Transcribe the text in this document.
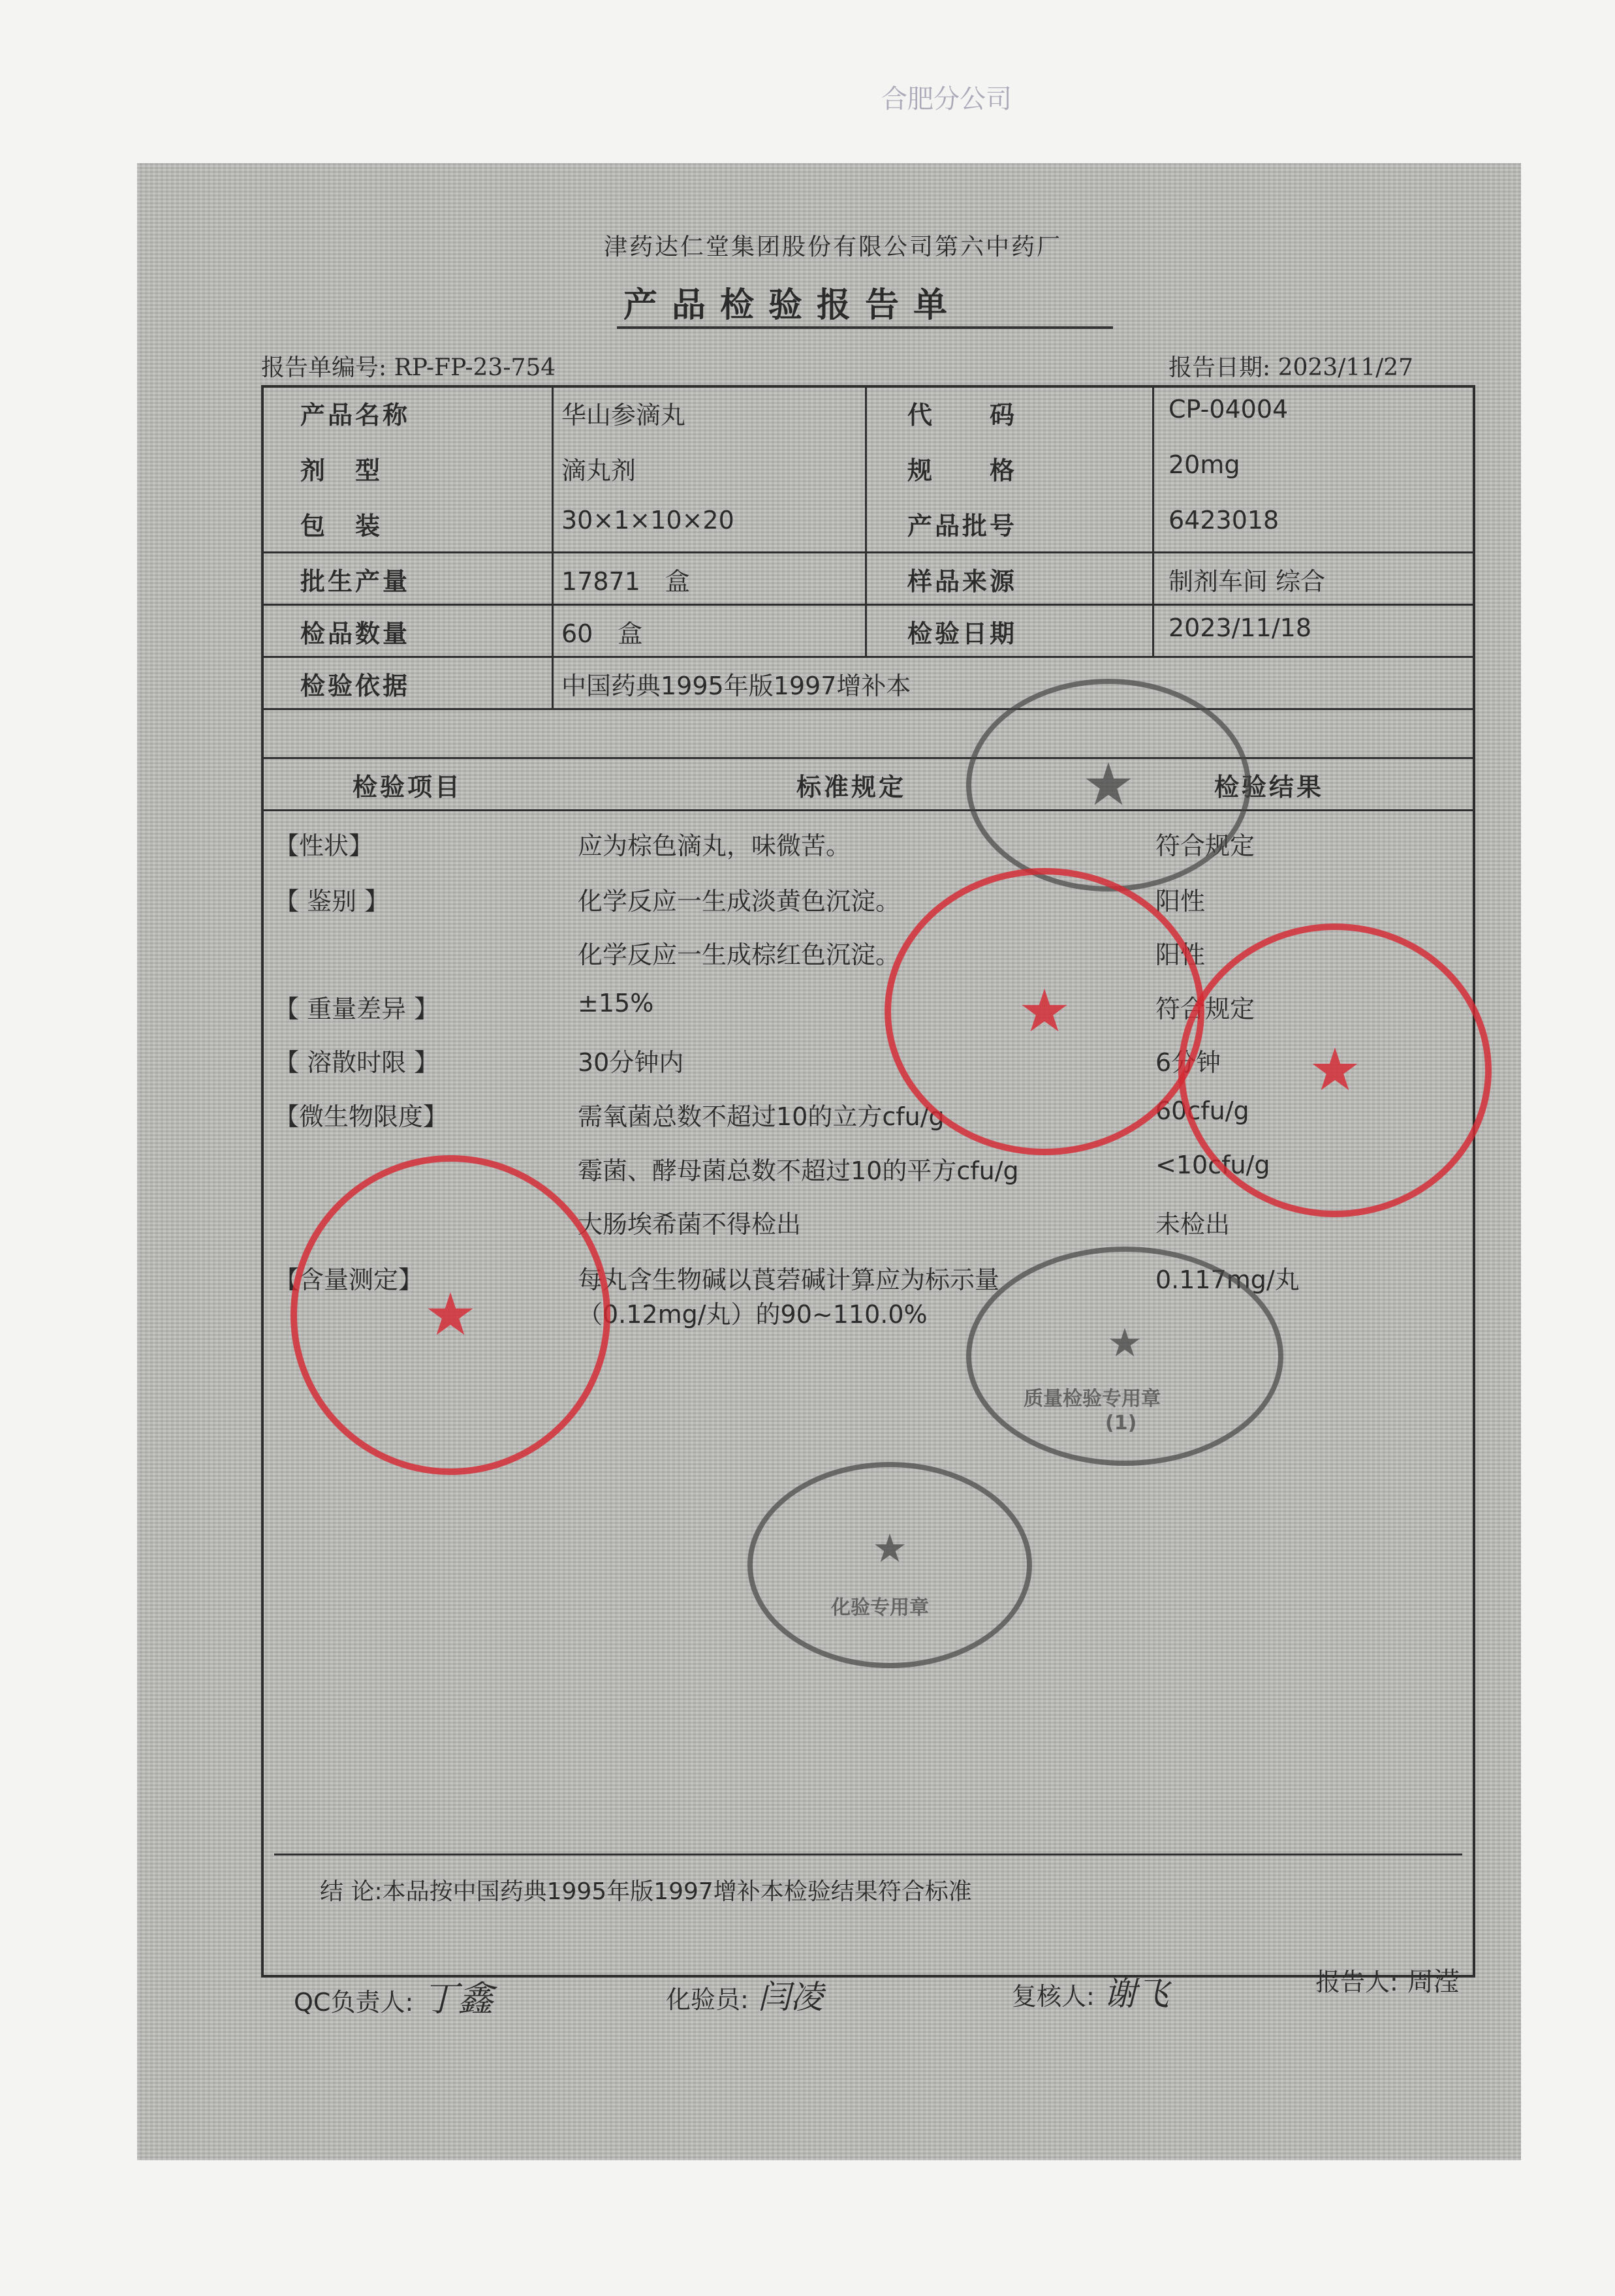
合肥分公司
津药达仁堂集团股份有限公司第六中药厂
产品检验报告单
报告单编号: RP-FP-23-754	报告日期: 2023/11/27
产品名称	华山参滴丸	代　　码	CP-04004
剂　型	滴丸剂	规　　格	20mg
包　装	30×1×10×20	产品批号	6423018
批生产量	17871　盒	样品来源	制剂车间 综合
检品数量	60　盒	检验日期	2023/11/18
检验依据	中国药典1995年版1997增补本
检验项目	标准规定	检验结果
【性状】	应为棕色滴丸，味微苦。	符合规定
【 鉴别 】	化学反应一生成淡黄色沉淀。	阳性
化学反应一生成棕红色沉淀。	阳性
【 重量差异 】	±15%	符合规定
【 溶散时限 】	30分钟内	6分钟
【微生物限度】	需氧菌总数不超过10的立方cfu/g	60cfu/g
霉菌、酵母菌总数不超过10的平方cfu/g	<10cfu/g
大肠埃希菌不得检出	未检出
【含量测定】	每丸含生物碱以莨菪碱计算应为标示量	0.117mg/丸
（0.12mg/丸）的90~110.0%
结 论:本品按中国药典1995年版1997增补本检验结果符合标准
★
★
★
★	★
质量检验专用章
(1)
★
化验专用章
QC负责人: 丁鑫	化验员: 闫凌	复核人: 谢飞	报告人: 周滢
